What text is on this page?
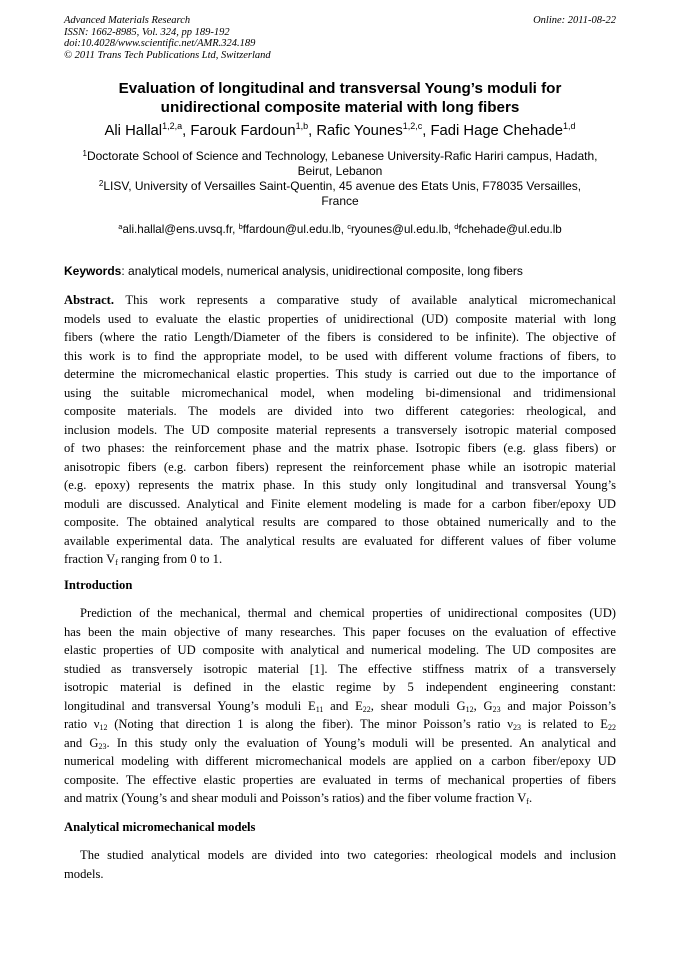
Advanced Materials Research
ISSN: 1662-8985, Vol. 324, pp 189-192
doi:10.4028/www.scientific.net/AMR.324.189
© 2011 Trans Tech Publications Ltd, Switzerland
Online: 2011-08-22
Evaluation of longitudinal and transversal Young’s moduli for
unidirectional composite material with long fibers
Ali Hallal$^{1,2,a}$, Farouk Fardoun$^{1,b}$, Rafic Younes$^{1,2,c}$, Fadi Hage Chehade$^{1,d}$
$^1$Doctorate School of Science and Technology, Lebanese University-Rafic Hariri campus, Hadath,
Beirut, Lebanon
$^2$LISV, University of Versailles Saint-Quentin, 45 avenue des Etats Unis, F78035 Versailles,
France
$^a$ali.hallal@ens.uvsq.fr, $^b$ffardoun@ul.edu.lb, $^c$ryounes@ul.edu.lb, $^d$fchehade@ul.edu.lb
Keywords: analytical models, numerical analysis, unidirectional composite, long fibers
Abstract. This work represents a comparative study of available analytical micromechanical
models used to evaluate the elastic properties of unidirectional (UD) composite material with long
fibers (where the ratio Length/Diameter of the fibers is considered to be infinite). The objective of
this work is to find the appropriate model, to be used with different volume fractions of fibers, to
determine the micromechanical elastic properties. This study is carried out due to the importance of
using the suitable micromechanical model, when modeling bi-dimensional and tridimensional
composite materials. The models are divided into two different categories: rheological, and
inclusion models. The UD composite material represents a transversely isotropic material composed
of two phases: the reinforcement phase and the matrix phase. Isotropic fibers (e.g. glass fibers) or
anisotropic fibers (e.g. carbon fibers) represent the reinforcement phase while an isotropic material
(e.g. epoxy) represents the matrix phase. In this study only longitudinal and transversal Young’s
moduli are discussed. Analytical and Finite element modeling is made for a carbon fiber/epoxy UD
composite. The obtained analytical results are compared to those obtained numerically and to the
available experimental data. The analytical results are evaluated for different values of fiber volume
fraction $V_f$ ranging from 0 to 1.
Introduction
Prediction of the mechanical, thermal and chemical properties of unidirectional composites (UD)
has been the main objective of many researches. This paper focuses on the evaluation of effective
elastic properties of UD composite with analytical and numerical modeling. The UD composites are
studied as transversely isotropic material [1]. The effective stiffness matrix of a transversely
isotropic material is defined in the elastic regime by 5 independent engineering constant:
longitudinal and transversal Young’s moduli $E_{11}$ and $E_{22}$, shear moduli $G_{12}$, $G_{23}$ and major Poisson’s
ratio $\nu_{12}$ (Noting that direction 1 is along the fiber). The minor Poisson’s ratio $\nu_{23}$ is related to $E_{22}$
and $G_{23}$. In this study only the evaluation of Young’s moduli will be presented. An analytical and
numerical modeling with different micromechanical models are applied on a carbon fiber/epoxy UD
composite. The effective elastic properties are evaluated in terms of mechanical properties of fibers
and matrix (Young’s and shear moduli and Poisson’s ratios) and the fiber volume fraction $V_f$.
Analytical micromechanical models
The studied analytical models are divided into two categories: rheological models and inclusion
models.
